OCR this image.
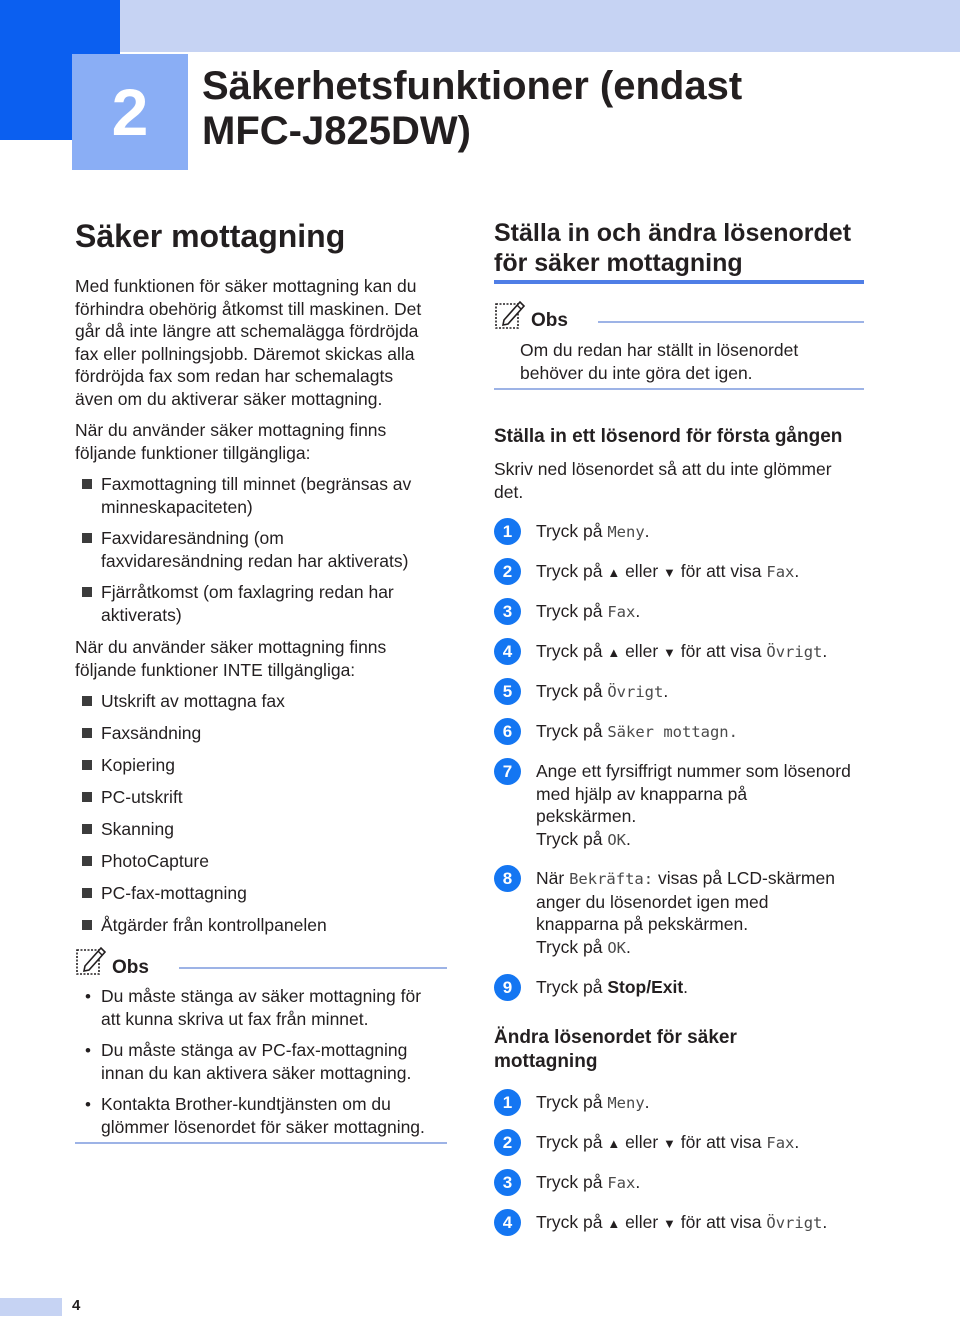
2	Säkerhetsfunktioner (endast
MFC-J825DW)
Säker mottagning

Med funktionen för säker mottagning kan du
förhindra obehörig åtkomst till maskinen. Det
går då inte längre att schemalägga fördröjda
fax eller pollningsjobb. Däremot skickas alla
fördröjda fax som redan har schemalagts
även om du aktiverar säker mottagning.

När du använder säker mottagning finns
följande funktioner tillgängliga:

Faxmottagning till minnet (begränsas av
minneskapaciteten)
Faxvidaresändning (om
faxvidaresändning redan har aktiverats)
Fjärråtkomst (om faxlagring redan har
aktiverats)

När du använder säker mottagning finns
följande funktioner INTE tillgängliga:

Utskrift av mottagna fax
Faxsändning
Kopiering
PC-utskrift
Skanning
PhotoCapture
PC-fax-mottagning
Åtgärder från kontrollpanelen
Obs
• Du måste stänga av säker mottagning för
att kunna skriva ut fax från minnet.
• Du måste stänga av PC-fax-mottagning
innan du kan aktivera säker mottagning.
• Kontakta Brother-kundtjänsten om du
glömmer lösenordet för säker mottagning.
Ställa in och ändra lösenordet
för säker mottagning
Obs

Om du redan har ställt in lösenordet
behöver du inte göra det igen.

Ställa in ett lösenord för första gången

Skriv ned lösenordet så att du inte glömmer
det.

1	Tryck på Meny.
2	Tryck på ▲ eller ▼ för att visa Fax.
3	Tryck på Fax.
4	Tryck på ▲ eller ▼ för att visa Övrigt.
5	Tryck på Övrigt.
6	Tryck på Säker mottagn.
7	Ange ett fyrsiffrigt nummer som lösenord
med hjälp av knapparna på
pekskärmen.
Tryck på OK.
8	När Bekräfta: visas på LCD-skärmen
anger du lösenordet igen med
knapparna på pekskärmen.
Tryck på OK.
9	Tryck på Stop/Exit.
Ändra lösenordet för säker
mottagning
1	Tryck på Meny.
2	Tryck på ▲ eller ▼ för att visa Fax.
3	Tryck på Fax.
4	Tryck på ▲ eller ▼ för att visa Övrigt.
4
